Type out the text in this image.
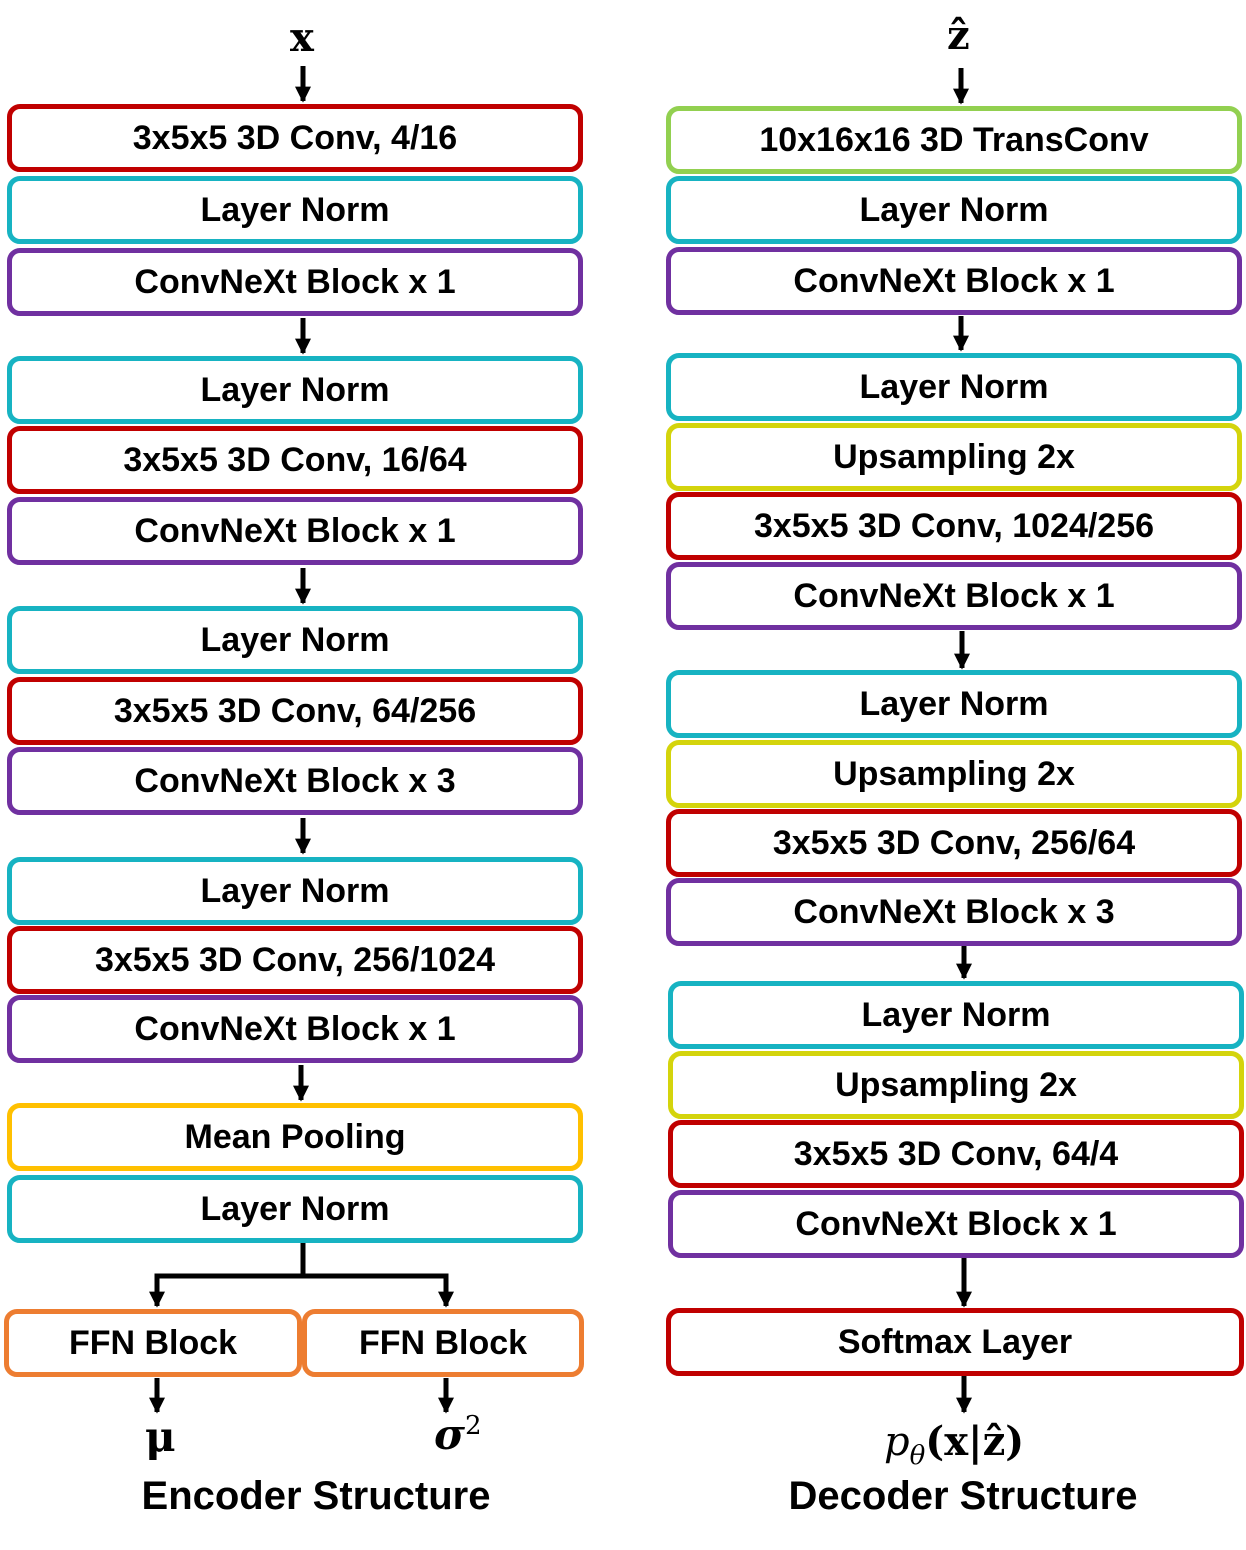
x
3x5x5 3D Conv, 4/16
Layer Norm
ConvNeXt Block x 1
Layer Norm
3x5x5 3D Conv, 16/64
ConvNeXt Block x 1
Layer Norm
3x5x5 3D Conv, 64/256
ConvNeXt Block x 3
Layer Norm
3x5x5 3D Conv, 256/1024
ConvNeXt Block x 1
Mean Pooling
Layer Norm
FFN Block	FFN Block
μ	$\sigma^2$
Encoder Structure
ẑ
10x16x16 3D TransConv
Layer Norm
ConvNeXt Block x 1
Layer Norm
Upsampling 2x
3x5x5 3D Conv, 1024/256
ConvNeXt Block x 1
Layer Norm
Upsampling 2x
3x5x5 3D Conv, 256/64
ConvNeXt Block x 3
Layer Norm
Upsampling 2x
3x5x5 3D Conv, 64/4
ConvNeXt Block x 1
Softmax Layer
$p_\theta(x|ẑ)$
Decoder Structure
